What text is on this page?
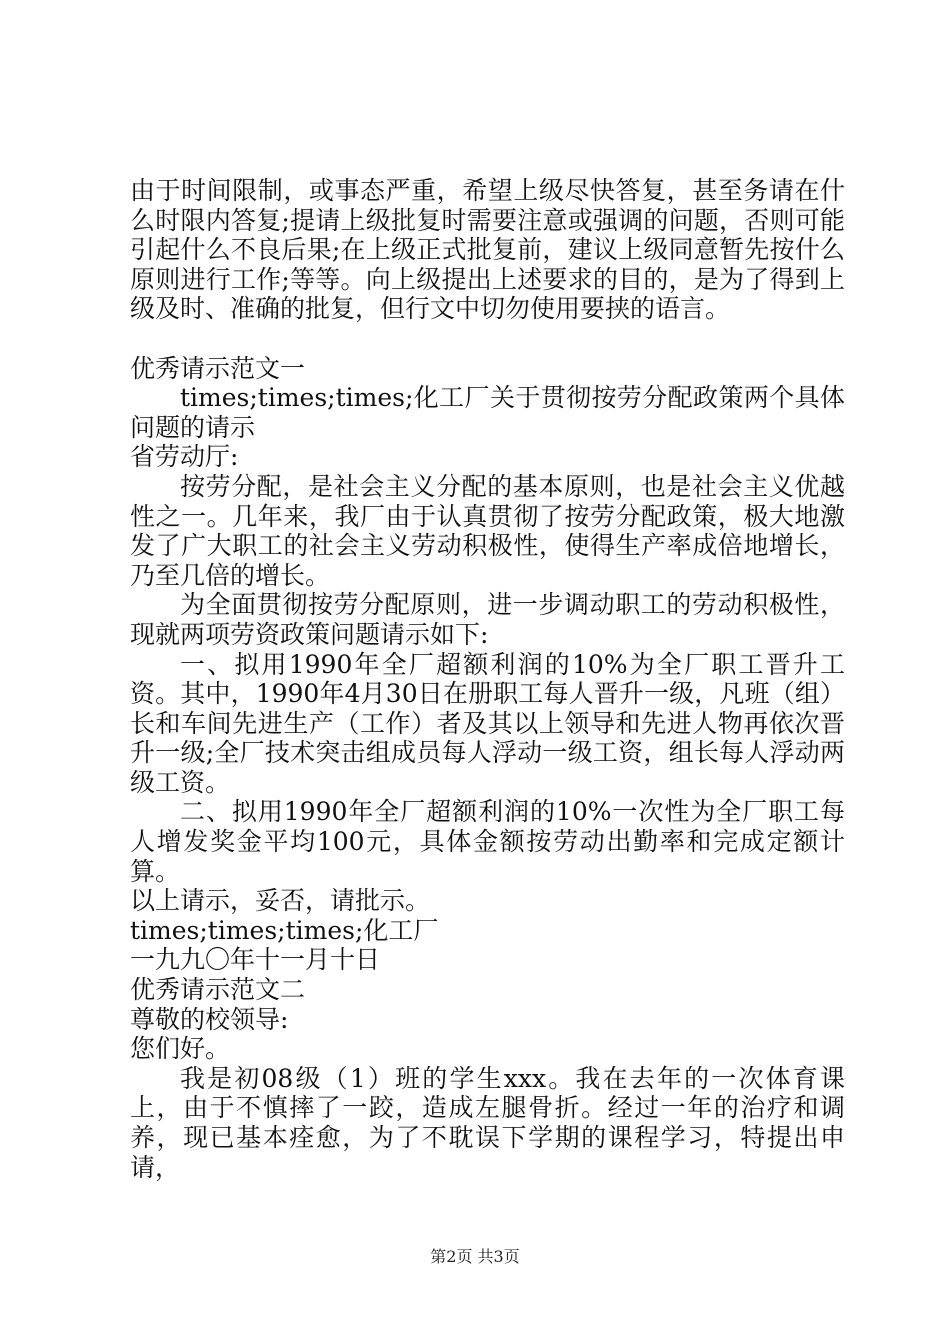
由于时间限制，或事态严重，希望上级尽快答复，甚至务请在什么时限内答复;提请上级批复时需要注意或强调的问题，否则可能引起什么不良后果;在上级正式批复前，建议上级同意暂先按什么原则进行工作;等等。向上级提出上述要求的目的，是为了得到上级及时、准确的批复，但行文中切勿使用要挟的语言。

优秀请示范文一

times;times;times;化工厂关于贯彻按劳分配政策两个具体问题的请示

省劳动厅:

按劳分配，是社会主义分配的基本原则，也是社会主义优越性之一。几年来，我厂由于认真贯彻了按劳分配政策，极大地激发了广大职工的社会主义劳动积极性，使得生产率成倍地增长，乃至几倍的增长。

为全面贯彻按劳分配原则，进一步调动职工的劳动积极性，现就两项劳资政策问题请示如下:

一、拟用1990年全厂超额利润的10%为全厂职工晋升工资。其中，1990年4月30日在册职工每人晋升一级，凡班（组）长和车间先进生产（工作）者及其以上领导和先进人物再依次晋升一级;全厂技术突击组成员每人浮动一级工资，组长每人浮动两级工资。

二、拟用1990年全厂超额利润的10%一次性为全厂职工每人增发奖金平均100元，具体金额按劳动出勤率和完成定额计算。

以上请示，妥否，请批示。

times;times;times;化工厂

一九九〇年十一月十日

优秀请示范文二

尊敬的校领导:

您们好。

我是初08级（1）班的学生xxx。我在去年的一次体育课上，由于不慎摔了一跤，造成左腿骨折。经过一年的治疗和调养，现已基本痊愈，为了不耽误下学期的课程学习，特提出申请，

第2页 共3页
